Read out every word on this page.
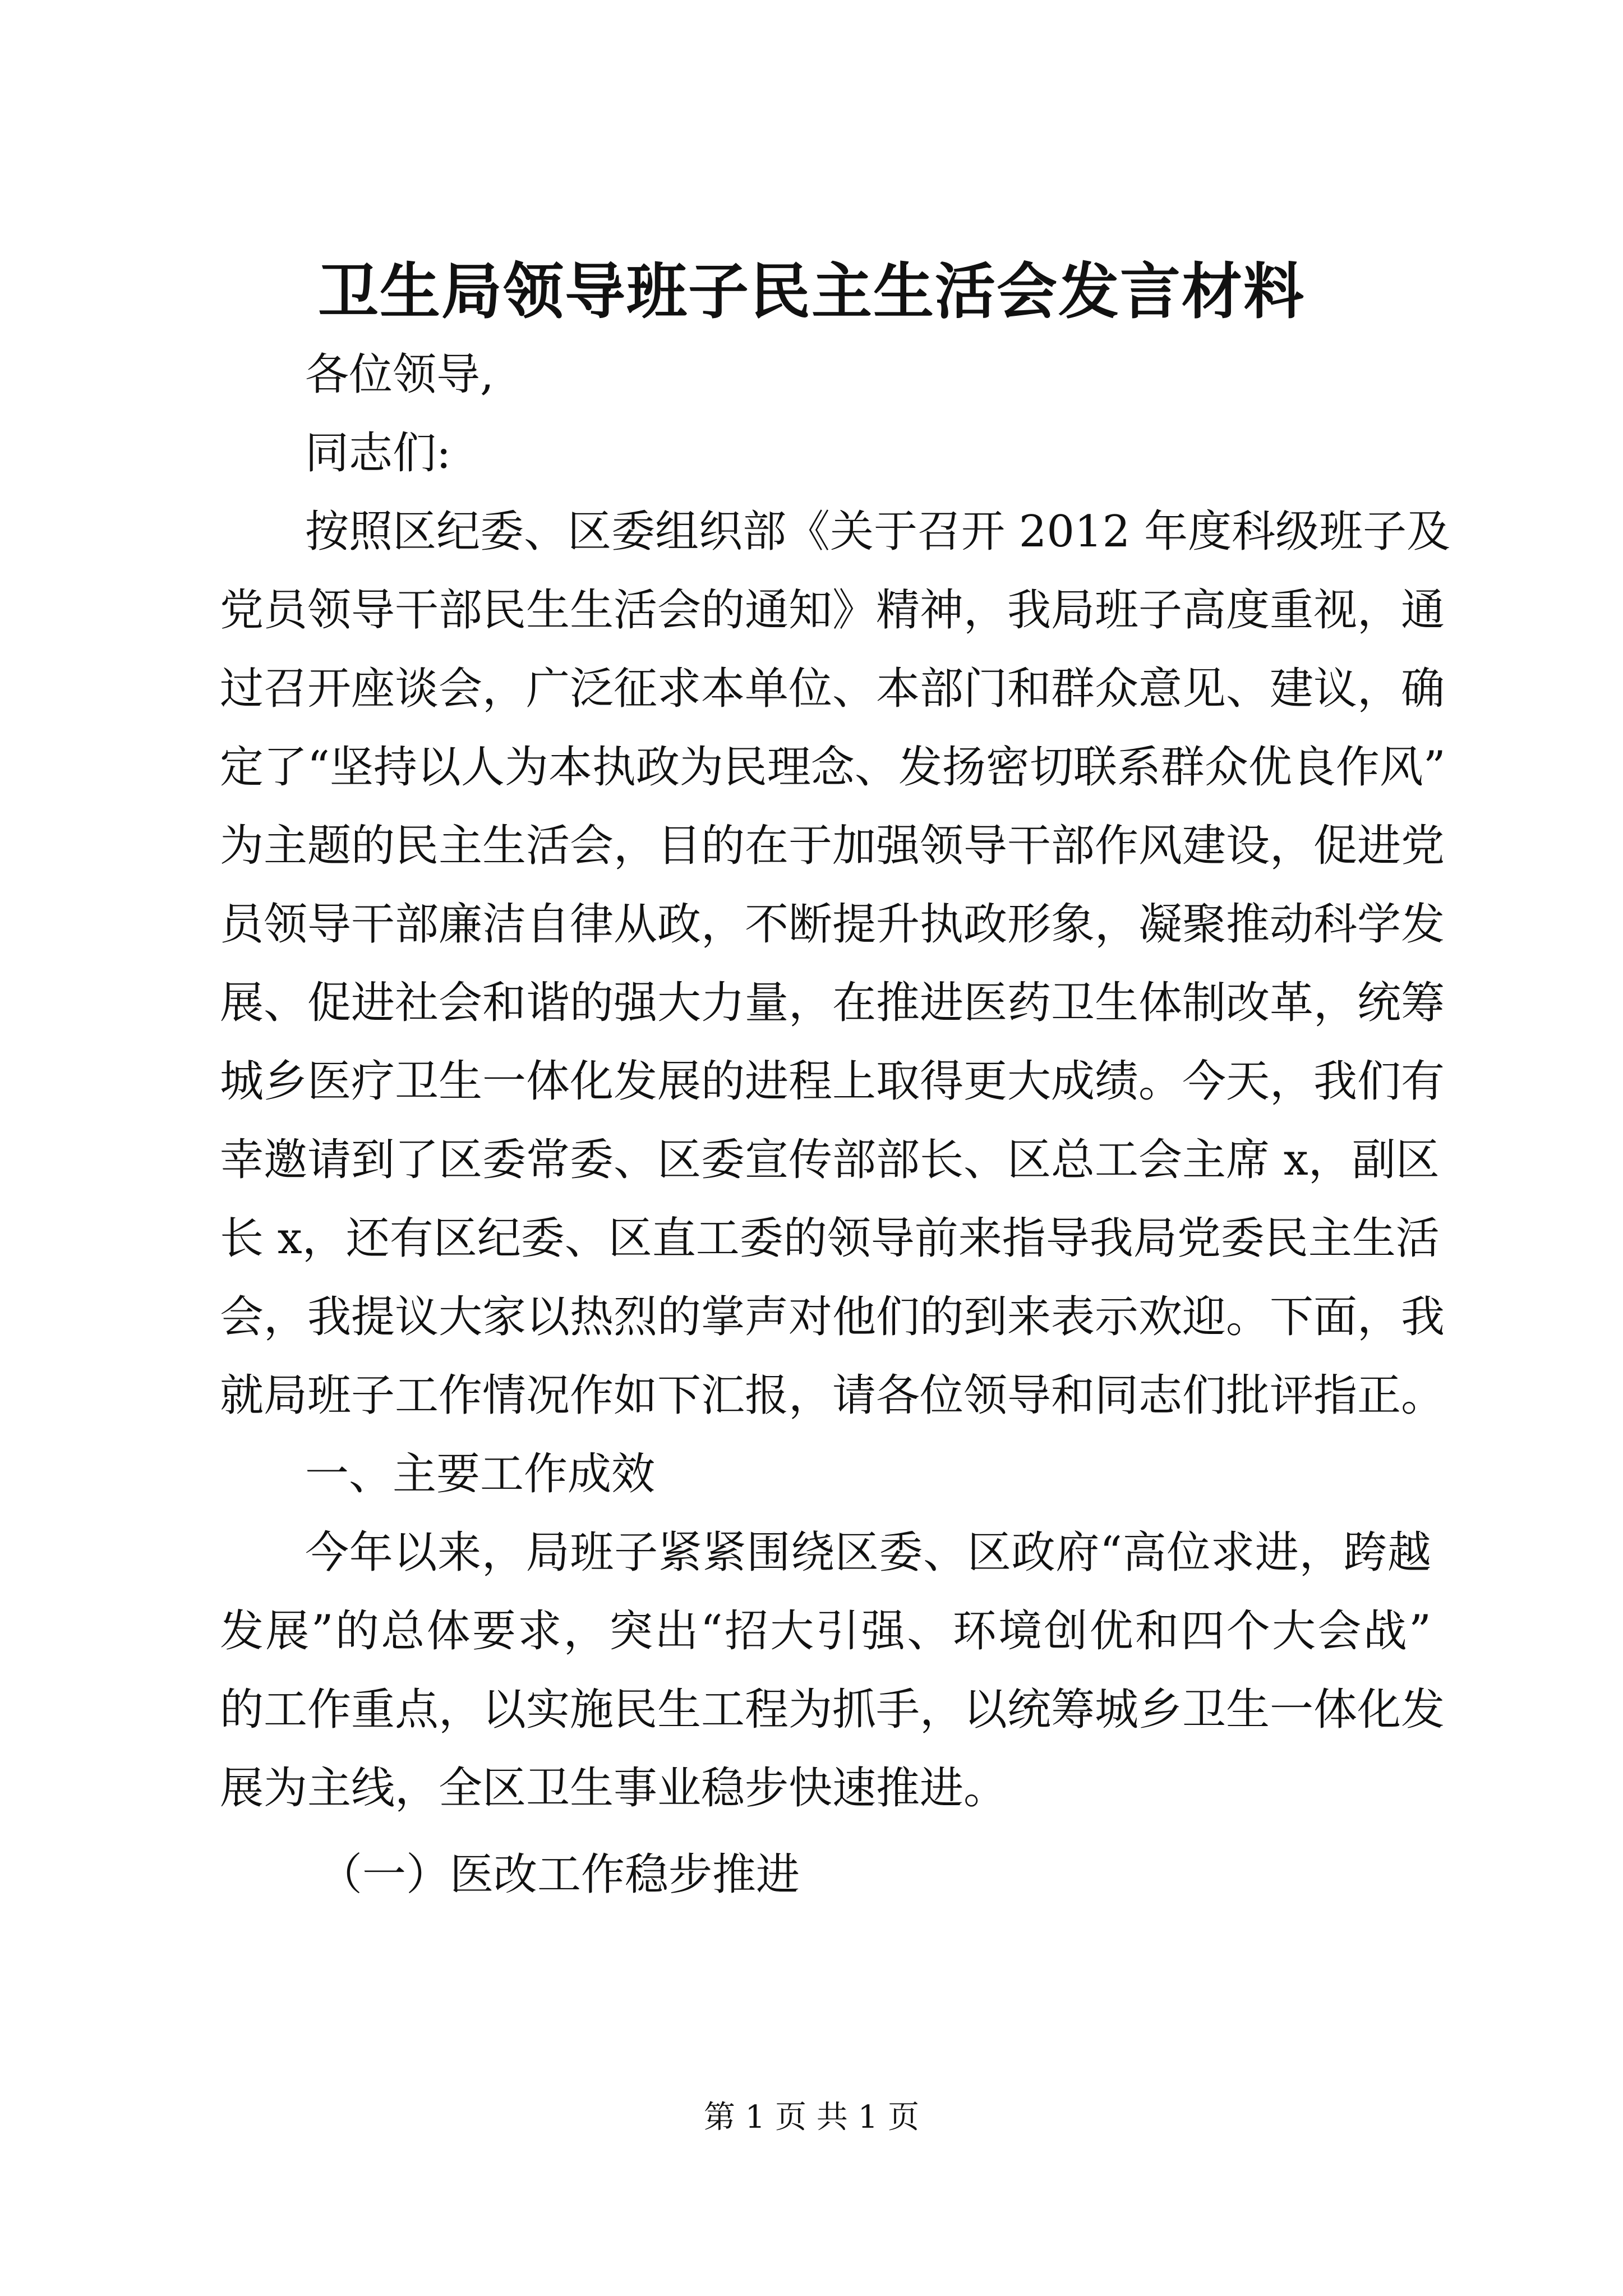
卫生局领导班子民主生活会发言材料
各位领导,
同志们:
按照区纪委、区委组织部《关于召开 2012 年度科级班子及
党员领导干部民生生活会的通知》精神，我局班子高度重视，通
过召开座谈会，广泛征求本单位、本部门和群众意见、建议，确
定了“坚持以人为本执政为民理念、发扬密切联系群众优良作风”
为主题的民主生活会，目的在于加强领导干部作风建设，促进党
员领导干部廉洁自律从政，不断提升执政形象，凝聚推动科学发
展、促进社会和谐的强大力量，在推进医药卫生体制改革，统筹
城乡医疗卫生一体化发展的进程上取得更大成绩。今天，我们有
幸邀请到了区委常委、区委宣传部部长、区总工会主席 x，副区
长 x，还有区纪委、区直工委的领导前来指导我局党委民主生活
会，我提议大家以热烈的掌声对他们的到来表示欢迎。下面，我
就局班子工作情况作如下汇报，请各位领导和同志们批评指正。
一、主要工作成效
今年以来，局班子紧紧围绕区委、区政府“高位求进，跨越
发展”的总体要求，突出“招大引强、环境创优和四个大会战”
的工作重点，以实施民生工程为抓手，以统筹城乡卫生一体化发
展为主线，全区卫生事业稳步快速推进。
（一）医改工作稳步推进
第 1 页 共 1 页
